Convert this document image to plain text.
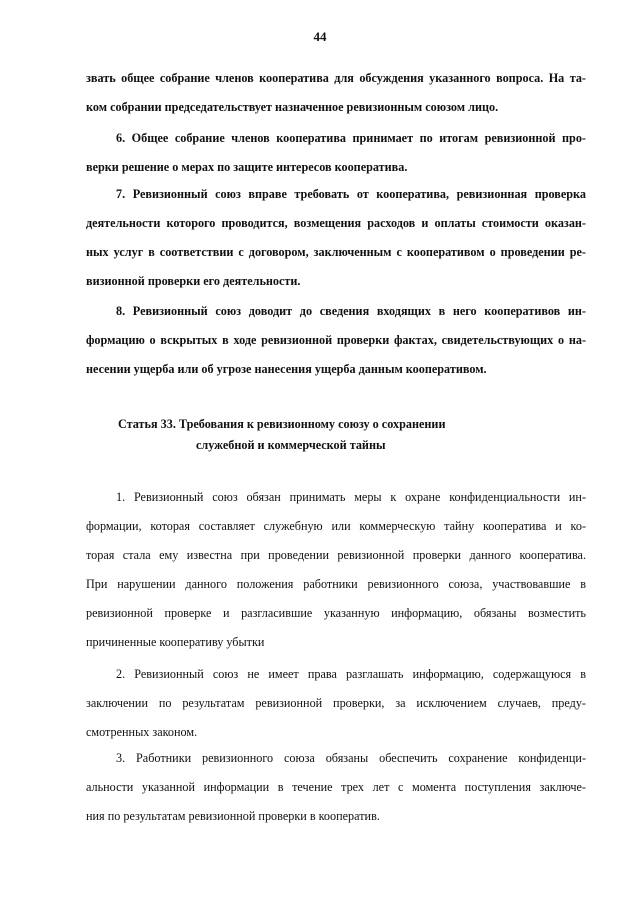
44
звать общее собрание членов кооператива для обсуждения указанного вопроса. На та-
ком собрании председательствует назначенное ревизионным союзом лицо.
6. Общее собрание членов кооператива принимает по итогам ревизионной про-
верки решение о мерах по защите интересов кооператива.
7. Ревизионный союз вправе требовать от кооператива, ревизионная проверка
деятельности которого проводится, возмещения расходов и оплаты стоимости оказан-
ных услуг в соответствии с договором, заключенным с кооперативом о проведении ре-
визионной проверки его деятельности.
8. Ревизионный союз доводит до сведения входящих в него кооперативов ин-
формацию о вскрытых в ходе ревизионной проверки фактах, свидетельствующих о на-
несении ущерба или об угрозе нанесения ущерба данным кооперативом.
Статья 33. Требования к ревизионному союзу о сохранении
служебной и коммерческой тайны
1. Ревизионный союз обязан принимать меры к охране конфиденциальности ин-
формации, которая составляет служебную или коммерческую тайну кооператива и ко-
торая стала ему известна при проведении ревизионной проверки данного кооператива.
При нарушении данного положения работники ревизионного союза, участвовавшие в
ревизионной проверке и разгласившие указанную информацию, обязаны возместить
причиненные кооперативу убытки
2. Ревизионный союз не имеет права разглашать информацию, содержащуюся в
заключении по результатам ревизионной проверки, за исключением случаев, преду-
смотренных законом.
3. Работники ревизионного союза обязаны обеспечить сохранение конфиденци-
альности указанной информации в течение трех лет с момента поступления заключе-
ния по результатам ревизионной проверки в кооператив.
